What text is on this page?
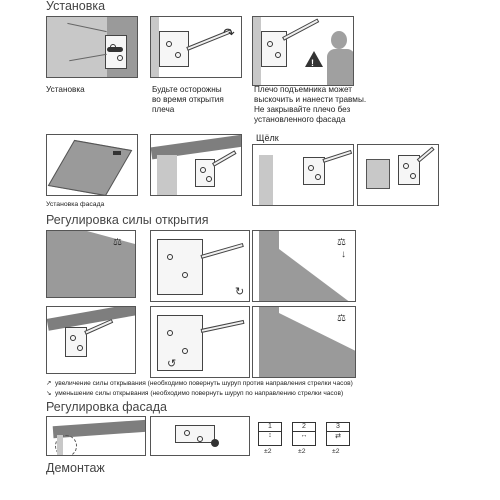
Установка
Установка
↷
Будьте осторожны
во время открытия
плеча
!
Плечо подъемника может
выскочить и нанести травмы.
Не закрывайте плечо без
установленного фасада
Установка фасада
Щёлк
Регулировка силы открытия
⚖
↻
⚖
↓
↺
⚖
↗ увеличение силы открывания (необходимо повернуть шуруп против направления стрелки часов)
↘ уменьшение силы открывания (необходимо повернуть шуруп по направлению стрелки часов)
Регулировка фасада
1
↕
2
↔
3
⇄
±2	±2	±2
Демонтаж
